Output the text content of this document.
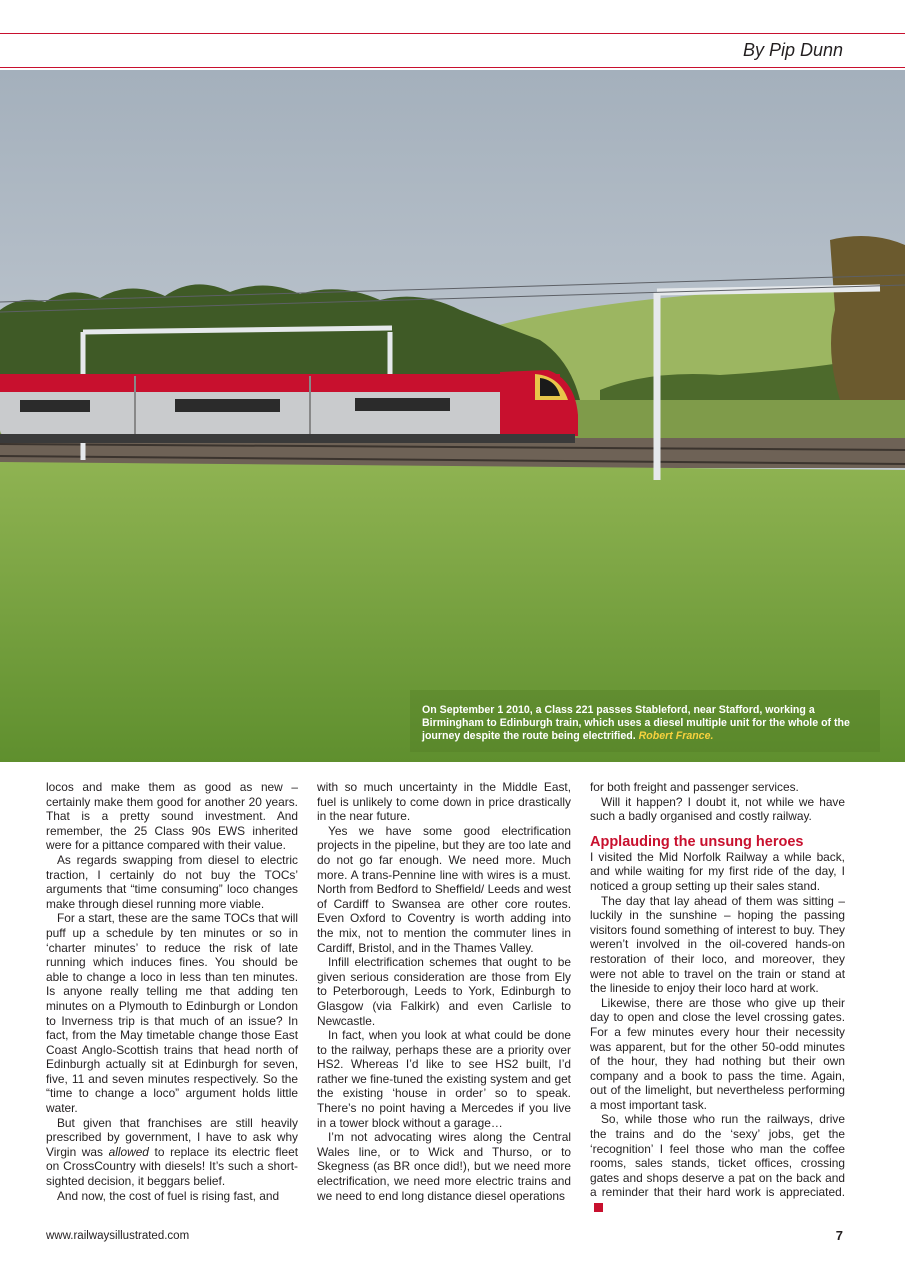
By Pip Dunn
On September 1 2010, a Class 221 passes Stableford, near Stafford, working a Birmingham to Edinburgh train, which uses a diesel multiple unit for the whole of the journey despite the route being electrified. Robert France.

locos and make them as good as new – certainly make them good for another 20 years. That is a pretty sound investment. And remember, the 25 Class 90s EWS inherited were for a pittance compared with their value.

As regards swapping from diesel to electric traction, I certainly do not buy the TOCs’ arguments that “time consuming” loco changes make through diesel running more viable.

For a start, these are the same TOCs that will puff up a schedule by ten minutes or so in ‘charter minutes’ to reduce the risk of late running which induces fines. You should be able to change a loco in less than ten minutes. Is anyone really telling me that adding ten minutes on a Plymouth to Edinburgh or London to Inverness trip is that much of an issue? In fact, from the May timetable change those East Coast Anglo-Scottish trains that head north of Edinburgh actually sit at Edinburgh for seven, five, 11 and seven minutes respectively. So the “time to change a loco” argument holds little water.

But given that franchises are still heavily prescribed by government, I have to ask why Virgin was allowed to replace its electric fleet on CrossCountry with diesels! It’s such a short-sighted decision, it beggars belief.

And now, the cost of fuel is rising fast, and

with so much uncertainty in the Middle East, fuel is unlikely to come down in price drastically in the near future.

Yes we have some good electrification projects in the pipeline, but they are too late and do not go far enough. We need more. Much more. A trans-Pennine line with wires is a must. North from Bedford to Sheffield/ Leeds and west of Cardiff to Swansea are other core routes. Even Oxford to Coventry is worth adding into the mix, not to mention the commuter lines in Cardiff, Bristol, and in the Thames Valley.

Infill electrification schemes that ought to be given serious consideration are those from Ely to Peterborough, Leeds to York, Edinburgh to Glasgow (via Falkirk) and even Carlisle to Newcastle.

In fact, when you look at what could be done to the railway, perhaps these are a priority over HS2. Whereas I’d like to see HS2 built, I’d rather we fine-tuned the existing system and get the existing ‘house in order’ so to speak. There’s no point having a Mercedes if you live in a tower block without a garage…

I’m not advocating wires along the Central Wales line, or to Wick and Thurso, or to Skegness (as BR once did!), but we need more electrification, we need more electric trains and we need to end long distance diesel operations

for both freight and passenger services.

Will it happen? I doubt it, not while we have such a badly organised and costly railway.

Applauding the unsung heroes

I visited the Mid Norfolk Railway a while back, and while waiting for my first ride of the day, I noticed a group setting up their sales stand.

The day that lay ahead of them was sitting – luckily in the sunshine – hoping the passing visitors found something of interest to buy. They weren’t involved in the oil-covered hands-on restoration of their loco, and moreover, they were not able to travel on the train or stand at the lineside to enjoy their loco hard at work.

Likewise, there are those who give up their day to open and close the level crossing gates. For a few minutes every hour their necessity was apparent, but for the other 50-odd minutes of the hour, they had nothing but their own company and a book to pass the time. Again, out of the limelight, but nevertheless performing a most important task.

So, while those who run the railways, drive the trains and do the ‘sexy’ jobs, get the ‘recognition’ I feel those who man the coffee rooms, sales stands, ticket offices, crossing gates and shops deserve a pat on the back and a reminder that their hard work is appreciated.

www.railwaysillustrated.com	7
